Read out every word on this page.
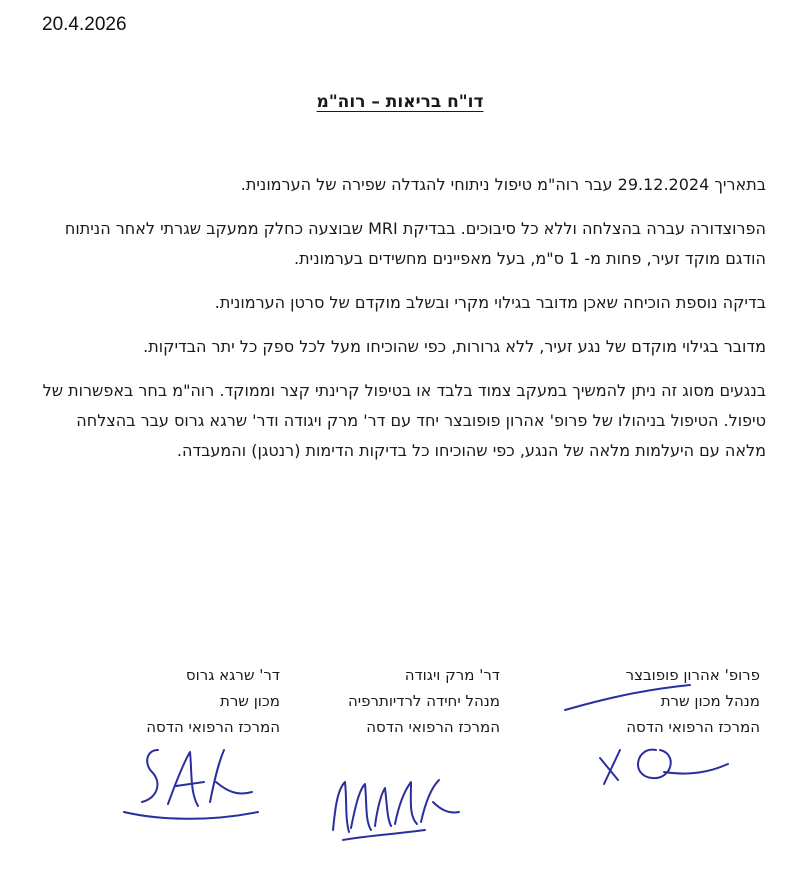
20.4.2026
דו"ח בריאות – רוה"מ

בתאריך 29.12.2024 עבר רוה"מ טיפול ניתוחי להגדלה שפירה של הערמונית.

הפרוצדורה עברה בהצלחה וללא כל סיבוכים. בבדיקת MRI שבוצעה כחלק ממעקב שגרתי לאחר הניתוח הודגם מוקד זעיר, פחות מ- 1 ס"מ, בעל מאפיינים מחשידים בערמונית.

בדיקה נוספת הוכיחה שאכן מדובר בגילוי מקרי ובשלב מוקדם של סרטן הערמונית.

מדובר בגילוי מוקדם של נגע זעיר, ללא גרורות, כפי שהוכיחו מעל לכל ספק כל יתר הבדיקות.

בנגעים מסוג זה ניתן להמשיך במעקב צמוד בלבד או בטיפול קרינתי קצר וממוקד. רוה"מ בחר באפשרות של טיפול. הטיפול בניהולו של פרופ' אהרון פופובצר יחד עם דר' מרק ויגודה ודר' שרגא גרוס עבר בהצלחה מלאה עם היעלמות מלאה של הנגע, כפי שהוכיחו כל בדיקות הדימות (רנטגן) והמעבדה.

פרופ' אהרון פופובצר
מנהל מכון שרת
המרכז הרפואי הדסה
דר' מרק ויגודה
מנהל יחידה לרדיותרפיה
המרכז הרפואי הדסה
דר' שרגא גרוס
מכון שרת
המרכז הרפואי הדסה
